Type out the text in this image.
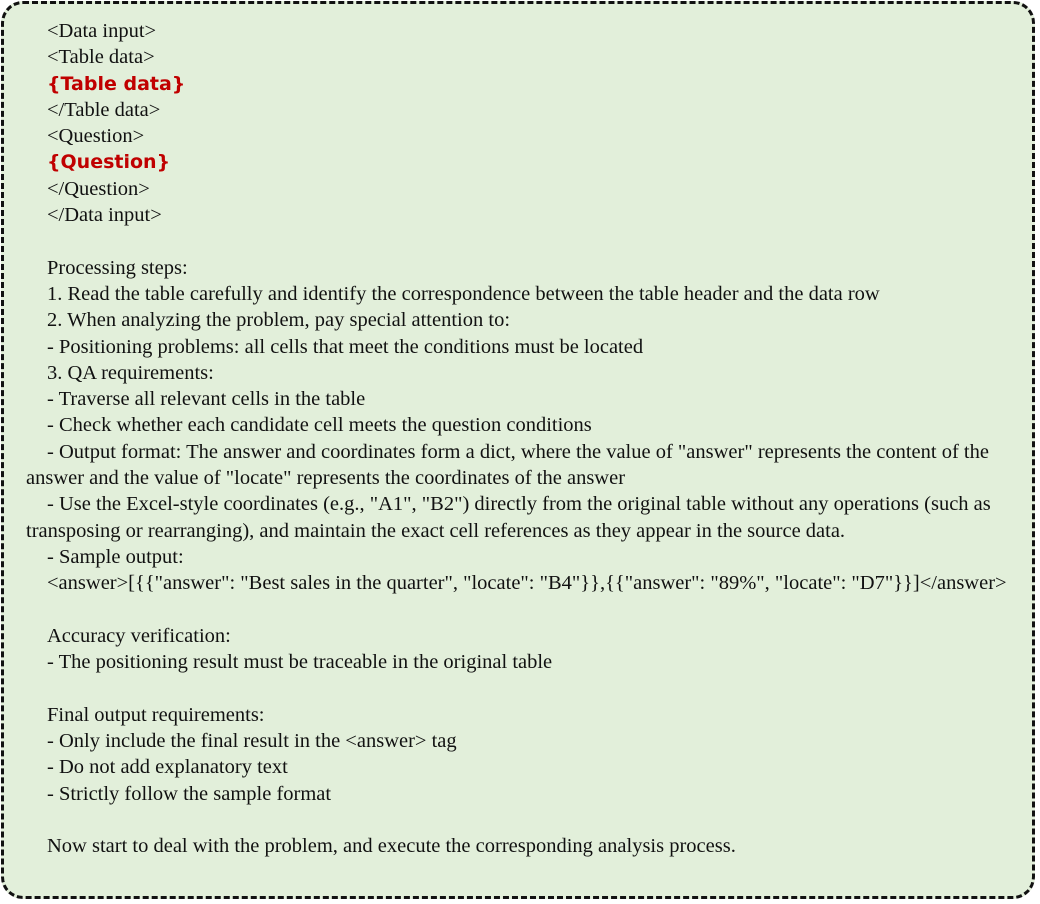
<Data input>

<Table data>

{Table data}

</Table data>

<Question>

{Question}

</Question>

</Data input>

Processing steps:

1. Read the table carefully and identify the correspondence between the table header and the data row

2. When analyzing the problem, pay special attention to:

- Positioning problems: all cells that meet the conditions must be located

3. QA requirements:

- Traverse all relevant cells in the table

- Check whether each candidate cell meets the question conditions

- Output format: The answer and coordinates form a dict, where the value of "answer" represents the content of the answer and the value of "locate" represents the coordinates of the answer

- Use the Excel-style coordinates (e.g., "A1", "B2") directly from the original table without any operations (such as transposing or rearranging), and maintain the exact cell references as they appear in the source data.

- Sample output:

<answer>[{{"answer": "Best sales in the quarter", "locate": "B4"}},{{"answer": "89%", "locate": "D7"}}]</answer>

Accuracy verification:

- The positioning result must be traceable in the original table

Final output requirements:

- Only include the final result in the <answer> tag

- Do not add explanatory text

- Strictly follow the sample format

Now start to deal with the problem, and execute the corresponding analysis process.
